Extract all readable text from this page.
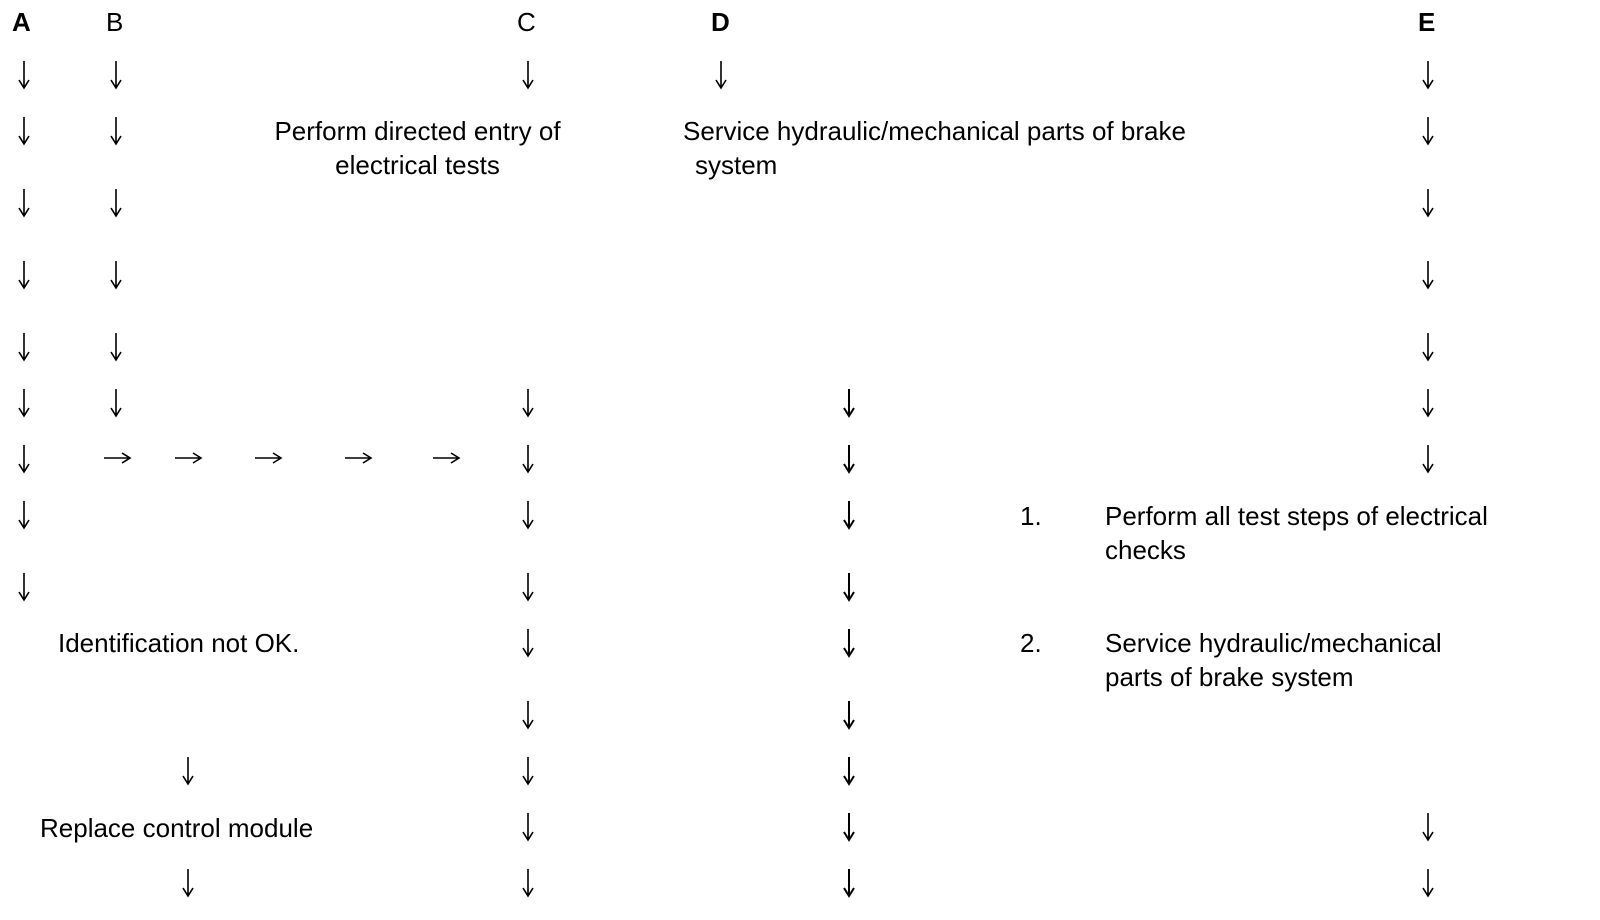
A	B	C	D	E
Perform directed entry of
electrical tests
Service hydraulic/mechanical parts of brake
system
Identification not OK.
Replace control module
1. Perform all test steps of electrical
checks
2. Service hydraulic/mechanical
parts of brake system
